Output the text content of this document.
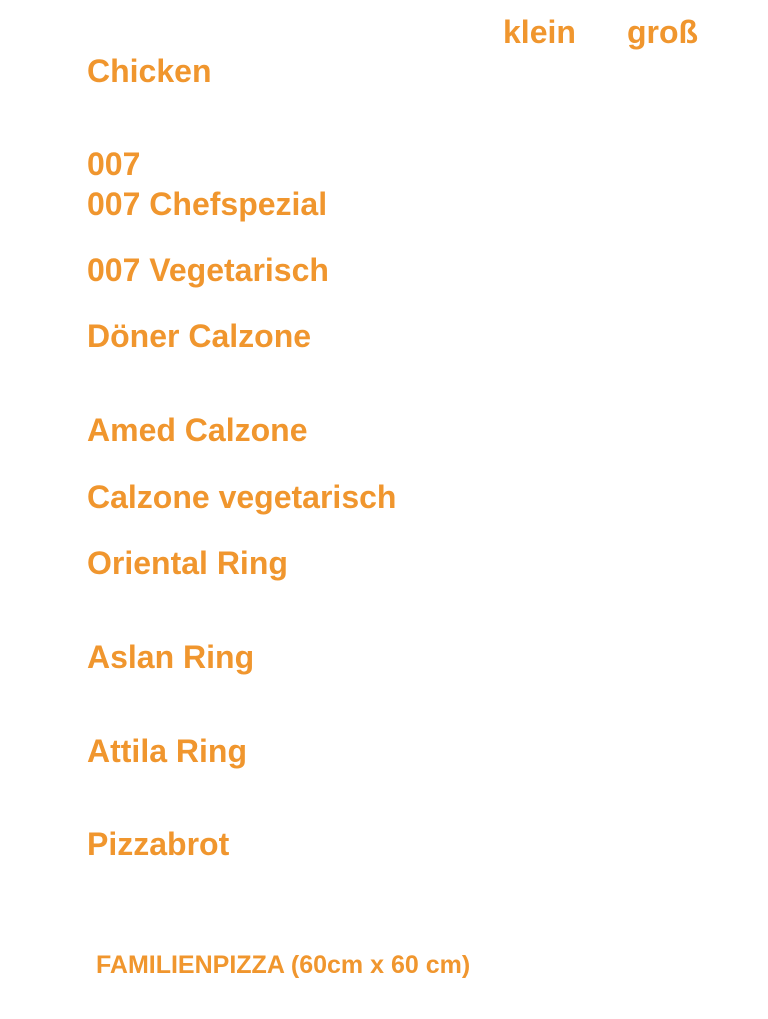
klein groß
Chicken
007
007 Chefspezial
007 Vegetarisch
Döner Calzone
Amed Calzone
Calzone vegetarisch
Oriental Ring
Aslan Ring
Attila Ring
Pizzabrot
FAMILIENPIZZA (60cm x 60 cm)
